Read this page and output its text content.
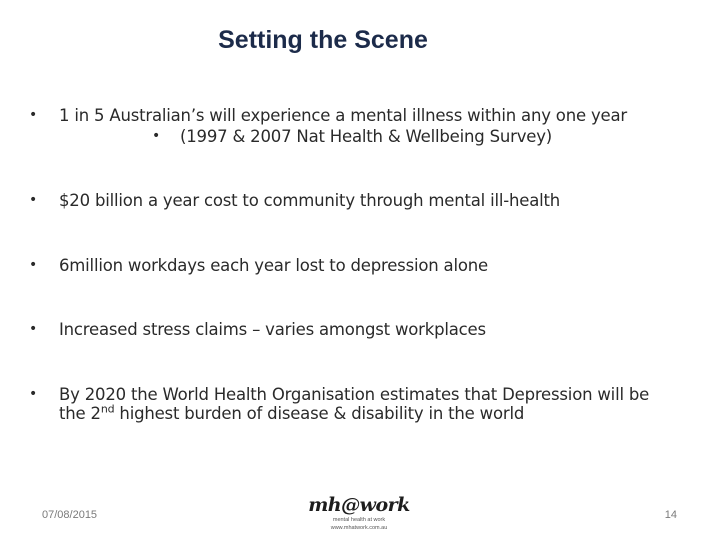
Setting the Scene
• 1 in 5 Australian’s will experience a mental illness within any one year
• (1997 & 2007 Nat Health & Wellbeing Survey)
• $20 billion a year cost to community through mental ill-health
• 6million workdays each year lost to depression alone
• Increased stress claims – varies amongst workplaces
• By 2020 the World Health Organisation estimates that Depression will be
the 2nd highest burden of disease & disability in the world
07/08/2015	mh@work
mental health at work
www.mhatwork.com.au
14
